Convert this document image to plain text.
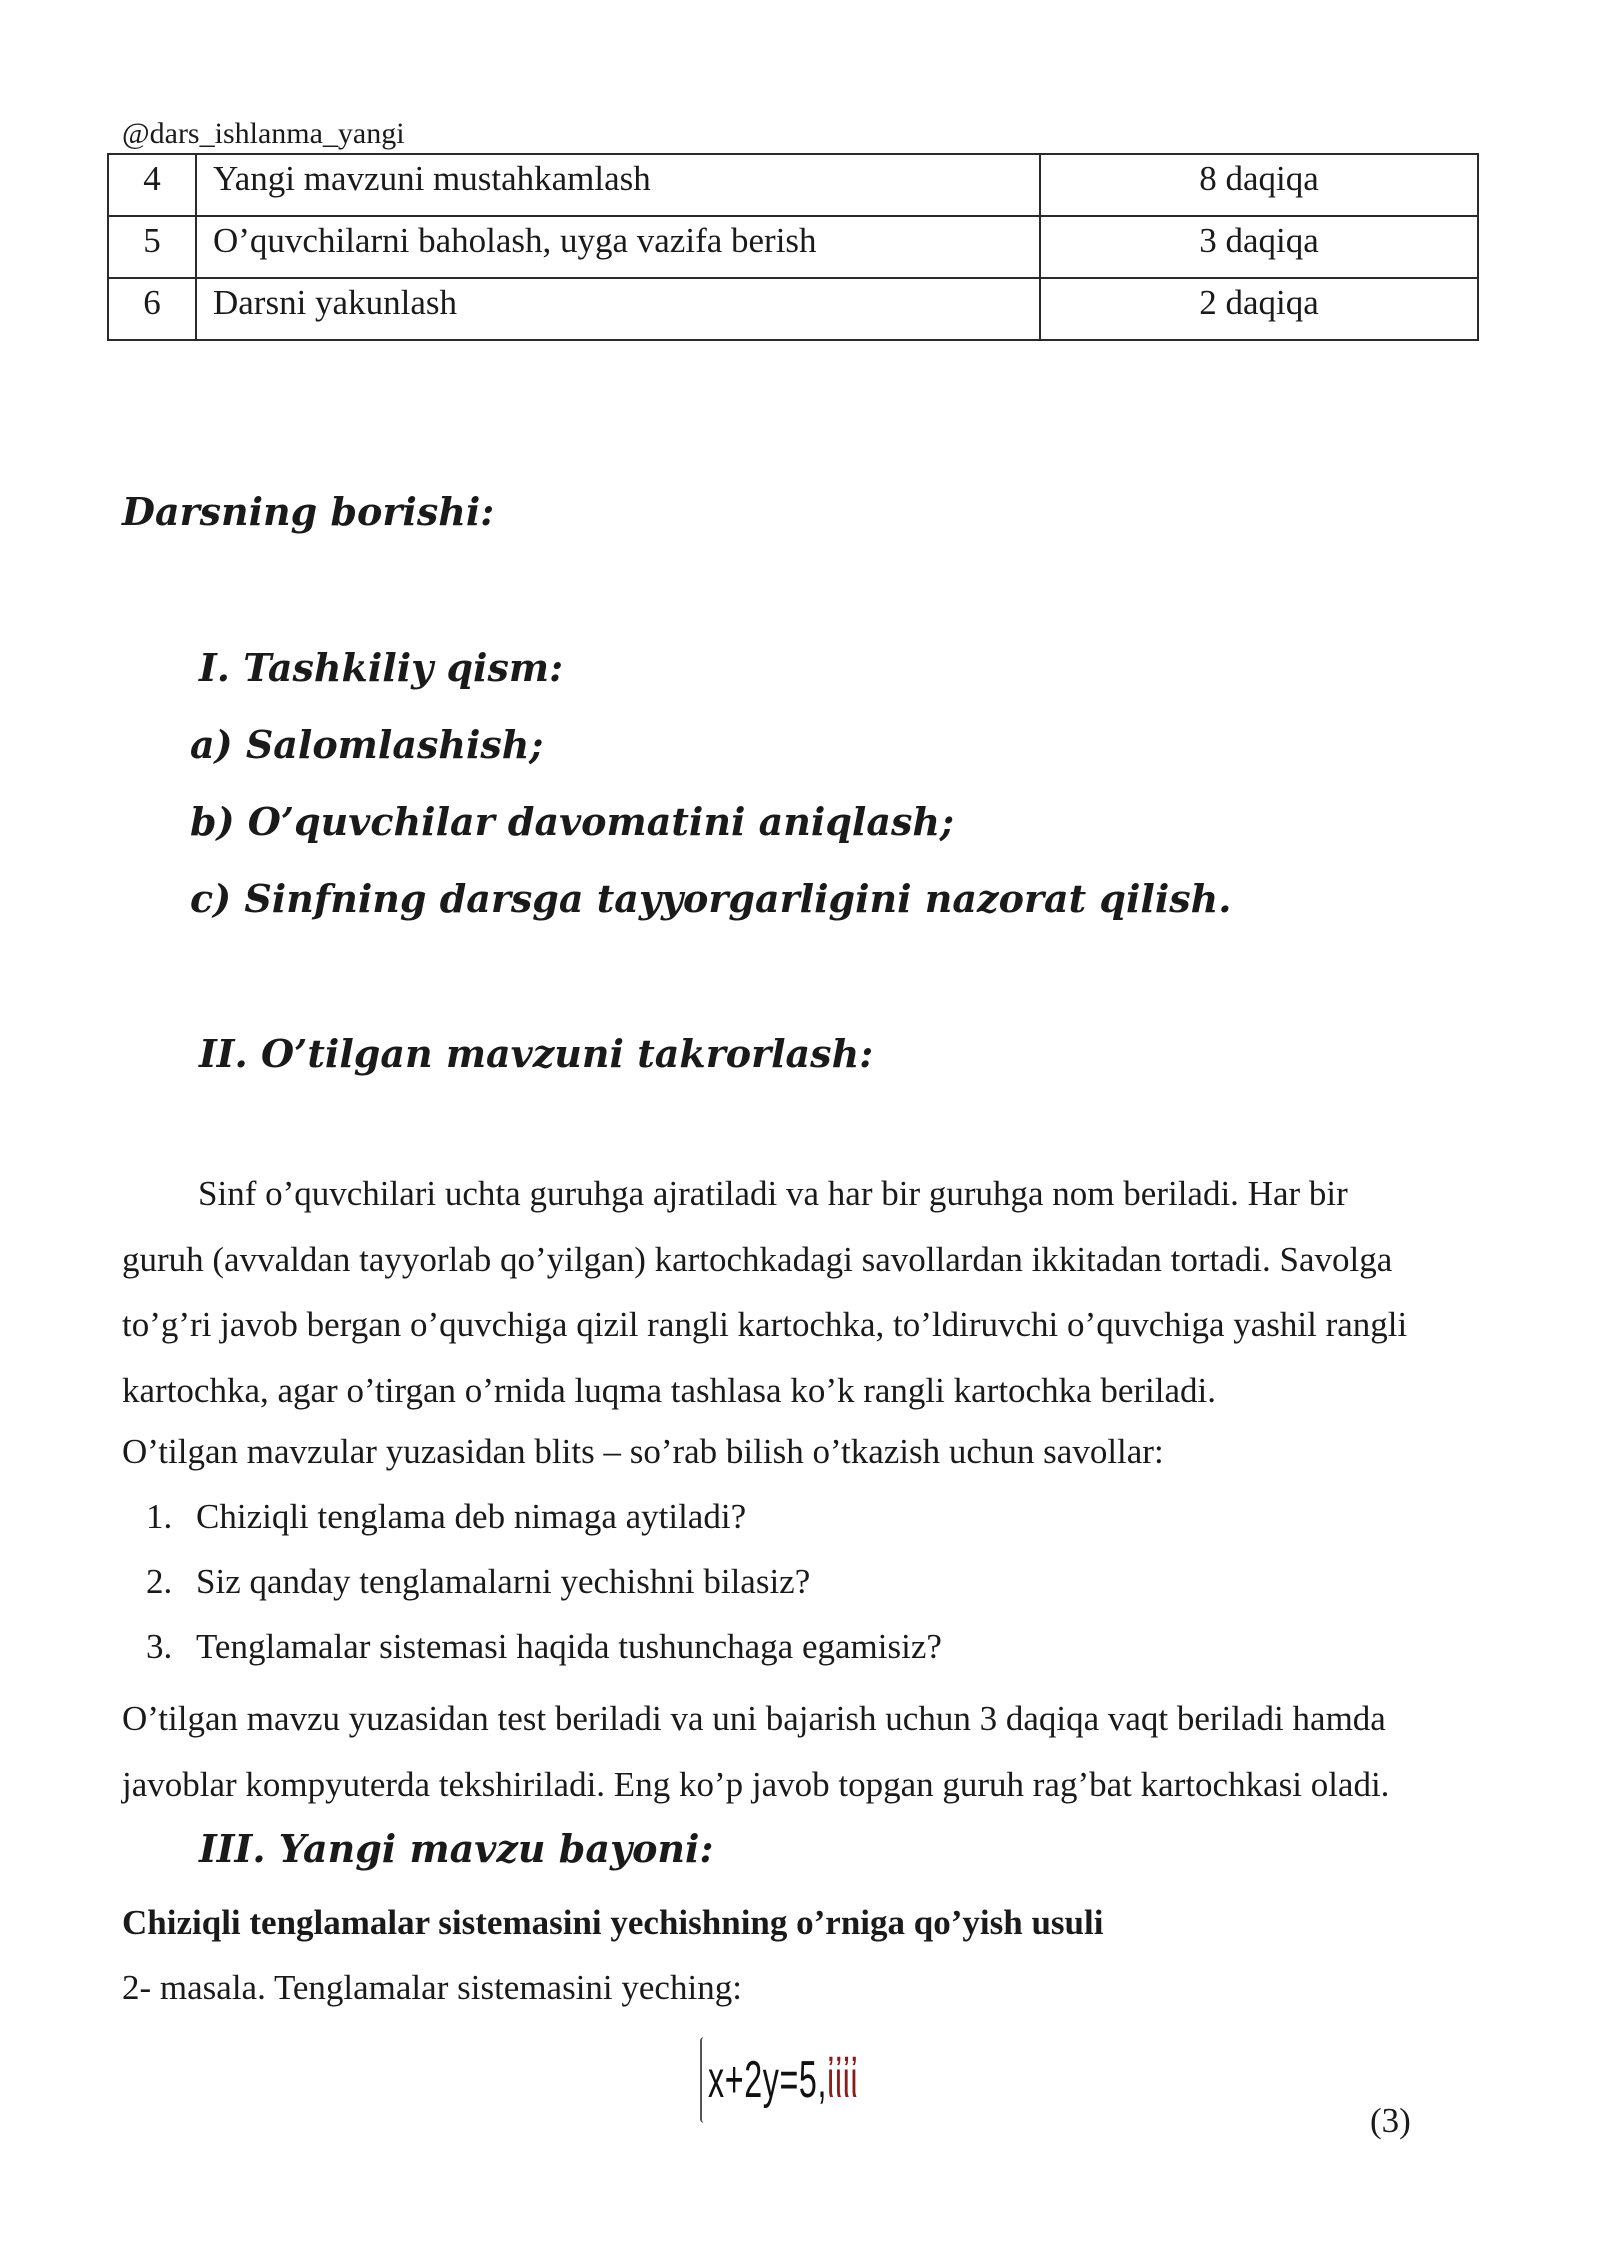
@dars_ishlanma_yangi
4	Yangi mavzuni mustahkamlash	8 daqiqa
5	O’quvchilarni baholash, uyga vazifa berish	3 daqiqa
6	Darsni yakunlash	2 daqiqa
Darsning borishi:
I. Tashkiliy qism:
a) Salomlashish;
b) O’quvchilar davomatini aniqlash;
c) Sinfning darsga tayyorgarligini nazorat qilish.
II. O’tilgan mavzuni takrorlash:
Sinf o’quvchilari uchta guruhga ajratiladi va har bir guruhga nom beriladi. Har bir
guruh (avvaldan tayyorlab qo’yilgan) kartochkadagi savollardan ikkitadan tortadi. Savolga
to’g’ri javob bergan o’quvchiga qizil rangli kartochka, to’ldiruvchi o’quvchiga yashil rangli
kartochka, agar o’tirgan o’rnida luqma tashlasa ko’k rangli kartochka beriladi.
O’tilgan mavzular yuzasidan blits – so’rab bilish o’tkazish uchun savollar:
1. Chiziqli tenglama deb nimaga aytiladi?
2. Siz qanday tenglamalarni yechishni bilasiz?
3. Tenglamalar sistemasi haqida tushunchaga egamisiz?
O’tilgan mavzu yuzasidan test beriladi va uni bajarish uchun 3 daqiqa vaqt beriladi hamda
javoblar kompyuterda tekshiriladi. Eng ko’p javob topgan guruh rag’bat kartochkasi oladi.
III. Yangi mavzu bayoni:
Chiziqli tenglamalar sistemasini yechishning o’rniga qo’yish usuli
2- masala. Tenglamalar sistemasini yeching:
x+2y=5,ἰἰἰἰ
(3)
